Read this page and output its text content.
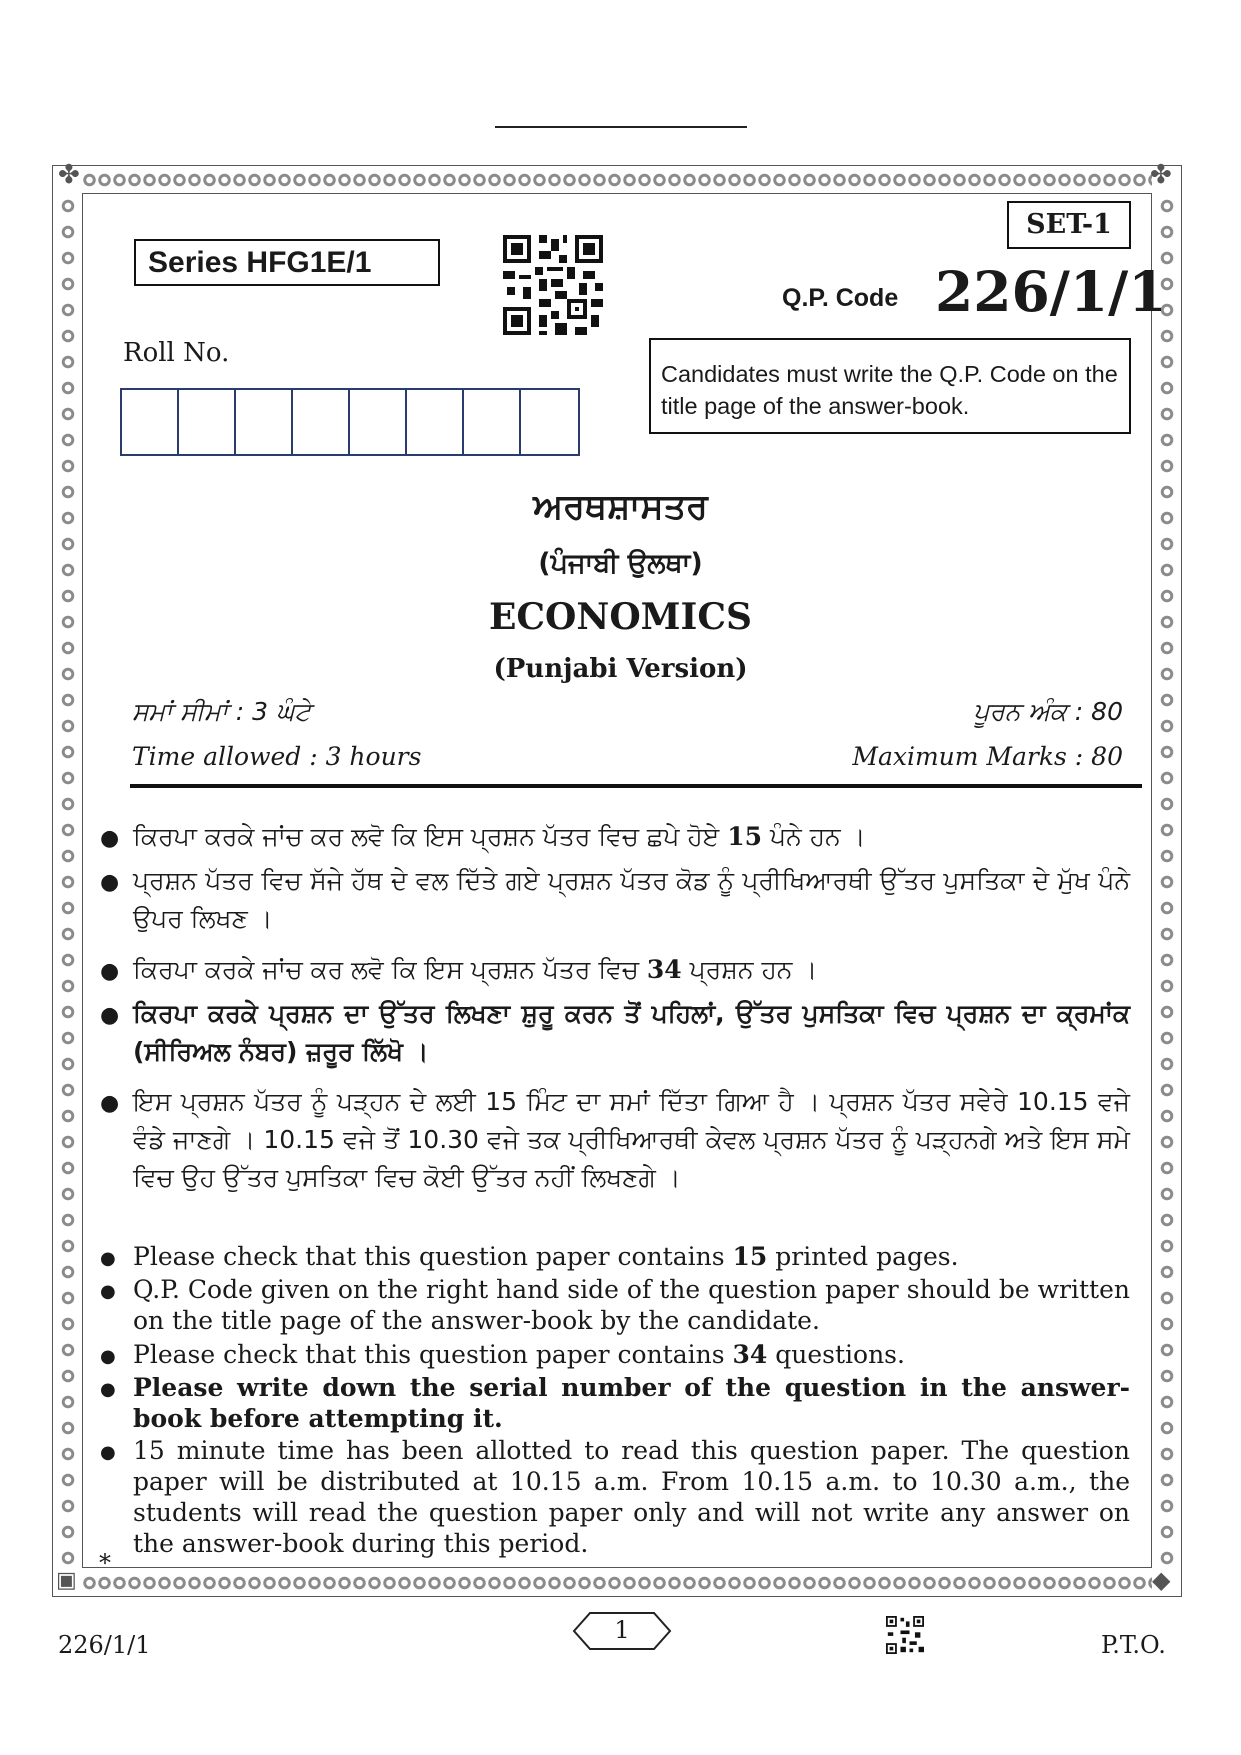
✤	✤
▣	◆
SET-1
Series HFG1E/1
Q.P. Code 226/1/1
Roll No.
Candidates must write the Q.P. Code on the title page of the answer-book.
ਅਰਥਸ਼ਾਸਤਰ
(ਪੰਜਾਬੀ ਉਲਥਾ)
ECONOMICS
(Punjabi Version)
ਸਮਾਂ ਸੀਮਾਂ : 3 ਘੰਟੇ	ਪੂਰਨ ਅੰਕ : 80
Time allowed : 3 hours	Maximum Marks : 80
● ਕਿਰਪਾ ਕਰਕੇ ਜਾਂਚ ਕਰ ਲਵੋ ਕਿ ਇਸ ਪ੍ਰਸ਼ਨ ਪੱਤਰ ਵਿਚ ਛਪੇ ਹੋਏ 15 ਪੰਨੇ ਹਨ ।
● ਪ੍ਰਸ਼ਨ ਪੱਤਰ ਵਿਚ ਸੱਜੇ ਹੱਥ ਦੇ ਵਲ ਦਿੱਤੇ ਗਏ ਪ੍ਰਸ਼ਨ ਪੱਤਰ ਕੋਡ ਨੂੰ ਪ੍ਰੀਖਿਆਰਥੀ ਉੱਤਰ ਪੁਸਤਿਕਾ ਦੇ ਮੁੱਖ ਪੰਨੇ ਉਪਰ ਲਿਖਣ ।
● ਕਿਰਪਾ ਕਰਕੇ ਜਾਂਚ ਕਰ ਲਵੋ ਕਿ ਇਸ ਪ੍ਰਸ਼ਨ ਪੱਤਰ ਵਿਚ 34 ਪ੍ਰਸ਼ਨ ਹਨ ।
● ਕਿਰਪਾ ਕਰਕੇ ਪ੍ਰਸ਼ਨ ਦਾ ਉੱਤਰ ਲਿਖਣਾ ਸ਼ੁਰੂ ਕਰਨ ਤੋਂ ਪਹਿਲਾਂ, ਉੱਤਰ ਪੁਸਤਿਕਾ ਵਿਚ ਪ੍ਰਸ਼ਨ ਦਾ ਕ੍ਰਮਾਂਕ (ਸੀਰਿਅਲ ਨੰਬਰ) ਜ਼ਰੂਰ ਲਿੱਖੋ ।
● ਇਸ ਪ੍ਰਸ਼ਨ ਪੱਤਰ ਨੂੰ ਪੜ੍ਹਨ ਦੇ ਲਈ 15 ਮਿੰਟ ਦਾ ਸਮਾਂ ਦਿੱਤਾ ਗਿਆ ਹੈ । ਪ੍ਰਸ਼ਨ ਪੱਤਰ ਸਵੇਰੇ 10.15 ਵਜੇ ਵੰਡੇ ਜਾਣਗੇ । 10.15 ਵਜੇ ਤੋਂ 10.30 ਵਜੇ ਤਕ ਪ੍ਰੀਖਿਆਰਥੀ ਕੇਵਲ ਪ੍ਰਸ਼ਨ ਪੱਤਰ ਨੂੰ ਪੜ੍ਹਨਗੇ ਅਤੇ ਇਸ ਸਮੇ ਵਿਚ ਉਹ ਉੱਤਰ ਪੁਸਤਿਕਾ ਵਿਚ ਕੋਈ ਉੱਤਰ ਨਹੀਂ ਲਿਖਣਗੇ ।
● Please check that this question paper contains 15 printed pages.
● Q.P. Code given on the right hand side of the question paper should be written on the title page of the answer-book by the candidate.
● Please check that this question paper contains 34 questions.
● Please write down the serial number of the question in the answer-book before attempting it.
● 15 minute time has been allotted to read this question paper. The question paper will be distributed at 10.15 a.m. From 10.15 a.m. to 10.30 a.m., the students will read the question paper only and will not write any answer on the answer-book during this period.
*
226/1/1
1
P.T.O.
